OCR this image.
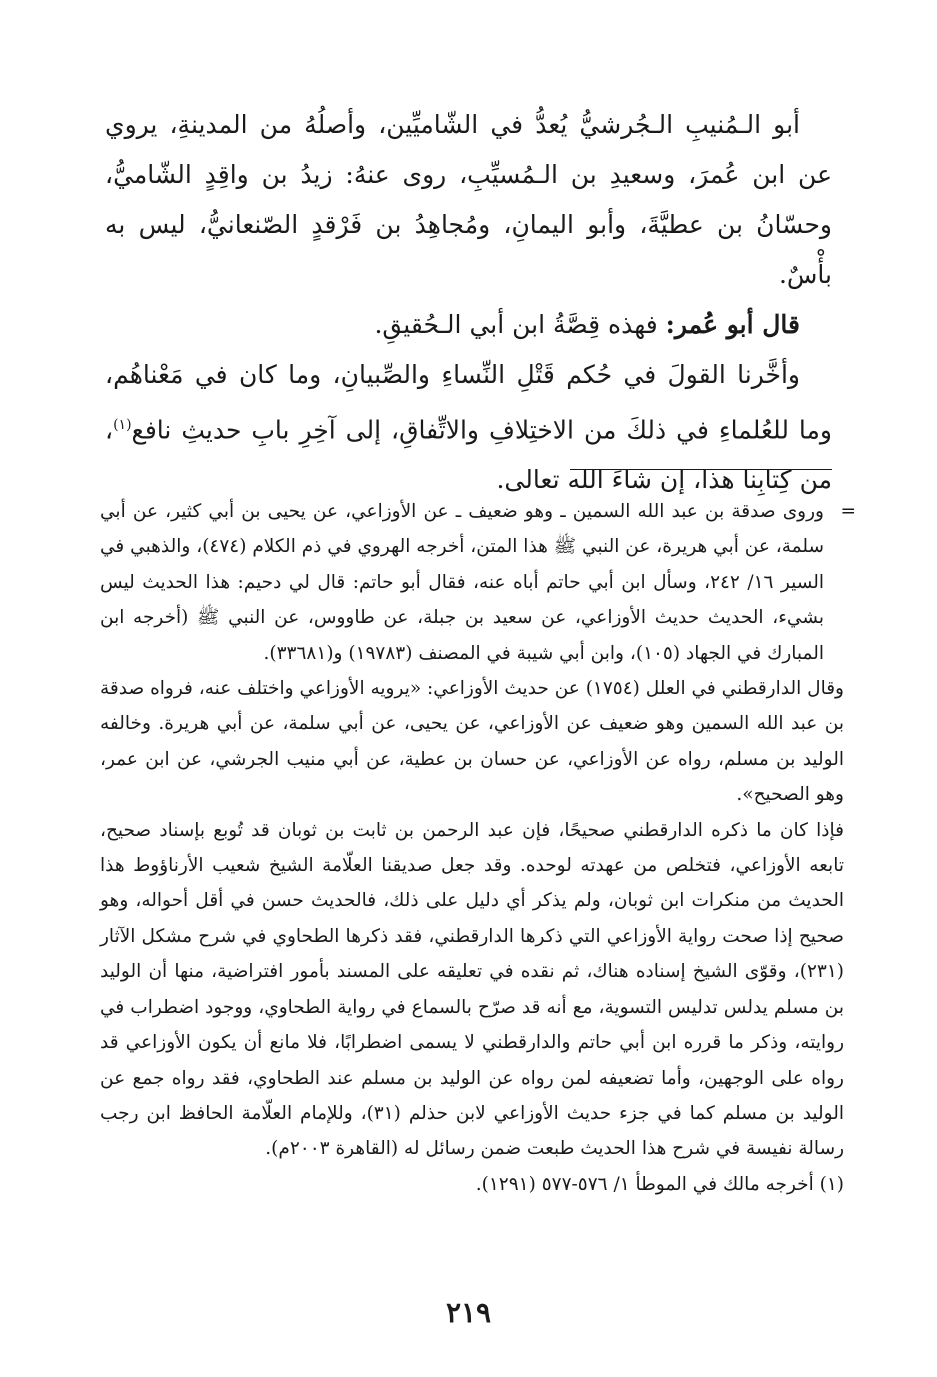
أبو الـمُنيبِ الـجُرشيُّ يُعدُّ في الشّاميِّين، وأصلُهُ من المدينةِ، يروي عن ابن عُمرَ، وسعيدِ بن الـمُسيِّبِ، روى عنهُ: زيدُ بن واقِدٍ الشّاميُّ، وحسّانُ بن عطيَّةَ، وأبو اليمانِ، ومُجاهِدُ بن فَرْقدٍ الصّنعانيُّ، ليس به بأْسٌ.

قال أبو عُمر: فهذه قِصَّةُ ابن أبي الـحُقيقِ.

وأخَّرنا القولَ في حُكم قَتْلِ النِّساءِ والصِّبيانِ، وما كان في مَعْناهُم، وما للعُلماءِ في ذلكَ من الاختِلافِ والاتِّفاقِ، إلى آخِرِ بابِ حديثِ نافع$^{(١)}$، من كِتابِنا هذا، إن شاءَ الله تعالى.

=
وروى صدقة بن عبد الله السمين ـ وهو ضعيف ـ عن الأوزاعي، عن يحيى بن أبي كثير، عن أبي سلمة، عن أبي هريرة، عن النبي ﷺ هذا المتن، أخرجه الهروي في ذم الكلام (٤٧٤)، والذهبي في السير ١٦/ ٢٤٢، وسأل ابن أبي حاتم أباه عنه، فقال أبو حاتم: قال لي دحيم: هذا الحديث ليس بشيء، الحديث حديث الأوزاعي، عن سعيد بن جبلة، عن طاووس، عن النبي ﷺ (أخرجه ابن المبارك في الجهاد (١٠٥)، وابن أبي شيبة في المصنف (١٩٧٨٣) و(٣٣٦٨١).

وقال الدارقطني في العلل (١٧٥٤) عن حديث الأوزاعي: «يرويه الأوزاعي واختلف عنه، فرواه صدقة بن عبد الله السمين وهو ضعيف عن الأوزاعي، عن يحيى، عن أبي سلمة، عن أبي هريرة. وخالفه الوليد بن مسلم، رواه عن الأوزاعي، عن حسان بن عطية، عن أبي منيب الجرشي، عن ابن عمر، وهو الصحيح».

فإذا كان ما ذكره الدارقطني صحيحًا، فإن عبد الرحمن بن ثابت بن ثوبان قد تُوبع بإسناد صحيح، تابعه الأوزاعي، فتخلص من عهدته لوحده. وقد جعل صديقنا العلّامة الشيخ شعيب الأرناؤوط هذا الحديث من منكرات ابن ثوبان، ولم يذكر أي دليل على ذلك، فالحديث حسن في أقل أحواله، وهو صحيح إذا صحت رواية الأوزاعي التي ذكرها الدارقطني، فقد ذكرها الطحاوي في شرح مشكل الآثار (٢٣١)، وقوّى الشيخ إسناده هناك، ثم نقده في تعليقه على المسند بأمور افتراضية، منها أن الوليد بن مسلم يدلس تدليس التسوية، مع أنه قد صرّح بالسماع في رواية الطحاوي، ووجود اضطراب في روايته، وذكر ما قرره ابن أبي حاتم والدارقطني لا يسمى اضطرابًا، فلا مانع أن يكون الأوزاعي قد رواه على الوجهين، وأما تضعيفه لمن رواه عن الوليد بن مسلم عند الطحاوي، فقد رواه جمع عن الوليد بن مسلم كما في جزء حديث الأوزاعي لابن حذلم (٣١)، وللإمام العلّامة الحافظ ابن رجب رسالة نفيسة في شرح هذا الحديث طبعت ضمن رسائل له (القاهرة ٢٠٠٣م).

(١) أخرجه مالك في الموطأ ١/ ٥٧٦-٥٧٧ (١٢٩١).

٢١٩
